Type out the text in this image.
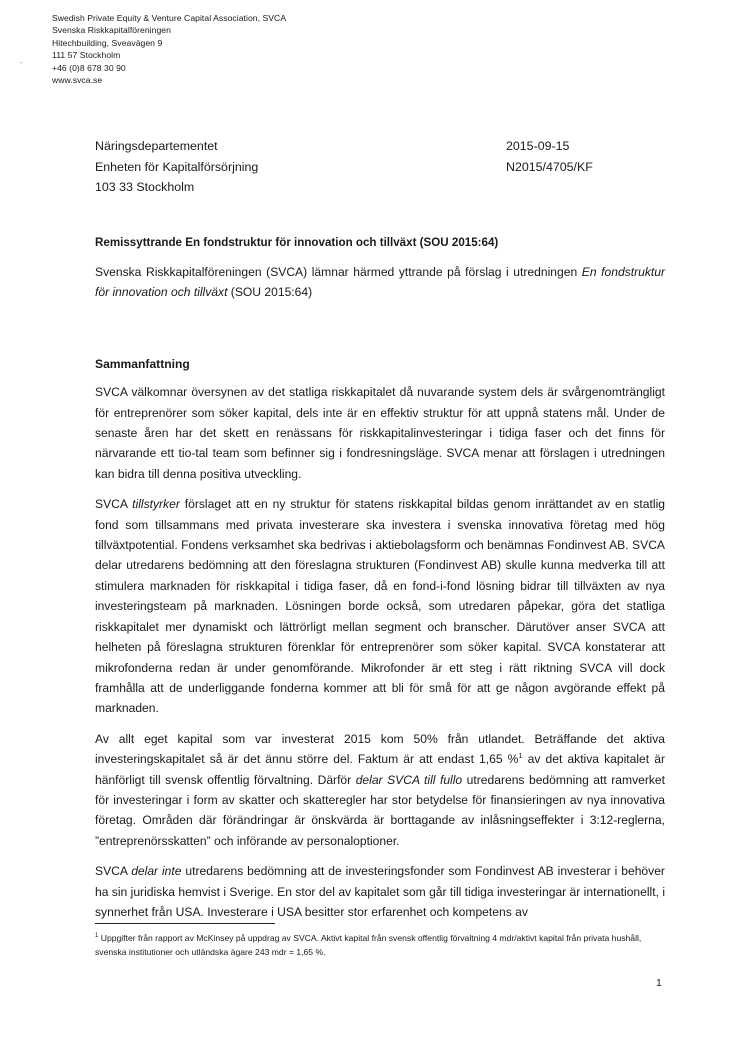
Swedish Private Equity & Venture Capital Association, SVCA
Svenska Riskkapitalföreningen
Hitechbuilding, Sveavägen 9
111 57 Stockholm
+46 (0)8 678 30 90
www.svca.se
-
Näringsdepartementet
Enheten för Kapitalförsörjning
103 33 Stockholm
2015-09-15
N2015/4705/KF
Remissyttrande En fondstruktur för innovation och tillväxt (SOU 2015:64)

Svenska Riskkapitalföreningen (SVCA) lämnar härmed yttrande på förslag i utredningen En fondstruktur för innovation och tillväxt (SOU 2015:64)

Sammanfattning

SVCA välkomnar översynen av det statliga riskkapitalet då nuvarande system dels är svårgenomträngligt för entreprenörer som söker kapital, dels inte är en effektiv struktur för att uppnå statens mål. Under de senaste åren har det skett en renässans för riskkapitalinvesteringar i tidiga faser och det finns för närvarande ett tio-tal team som befinner sig i fondresningsläge. SVCA menar att förslagen i utredningen kan bidra till denna positiva utveckling.

SVCA tillstyrker förslaget att en ny struktur för statens riskkapital bildas genom inrättandet av en statlig fond som tillsammans med privata investerare ska investera i svenska innovativa företag med hög tillväxtpotential. Fondens verksamhet ska bedrivas i aktiebolagsform och benämnas Fondinvest AB. SVCA delar utredarens bedömning att den föreslagna strukturen (Fondinvest AB) skulle kunna medverka till att stimulera marknaden för riskkapital i tidiga faser, då en fond-i-fond lösning bidrar till tillväxten av nya investeringsteam på marknaden. Lösningen borde också, som utredaren påpekar, göra det statliga riskkapitalet mer dynamiskt och lättrörligt mellan segment och branscher. Därutöver anser SVCA att helheten på föreslagna strukturen förenklar för entreprenörer som söker kapital. SVCA konstaterar att mikrofonderna redan är under genomförande. Mikrofonder är ett steg i rätt riktning SVCA vill dock framhålla att de underliggande fonderna kommer att bli för små för att ge någon avgörande effekt på marknaden.

Av allt eget kapital som var investerat 2015 kom 50% från utlandet. Beträffande det aktiva investeringskapitalet så är det ännu större del. Faktum är att endast 1,65 %$^1$ av det aktiva kapitalet är hänförligt till svensk offentlig förvaltning. Därför delar SVCA till fullo utredarens bedömning att ramverket för investeringar i form av skatter och skatteregler har stor betydelse för finansieringen av nya innovativa företag. Områden där förändringar är önskvärda är borttagande av inlåsningseffekter i 3:12-reglerna, ”entreprenörsskatten” och införande av personaloptioner.

SVCA delar inte utredarens bedömning att de investeringsfonder som Fondinvest AB investerar i behöver ha sin juridiska hemvist i Sverige. En stor del av kapitalet som går till tidiga investeringar är internationellt, i synnerhet från USA. Investerare i USA besitter stor erfarenhet och kompetens av

$^1$ Uppgifter från rapport av McKinsey på uppdrag av SVCA. Aktivt kapital från svensk offentlig förvaltning 4 mdr/aktivt kapital från privata hushåll, svenska institutioner och utländska ägare 243 mdr = 1,65 %.
1
